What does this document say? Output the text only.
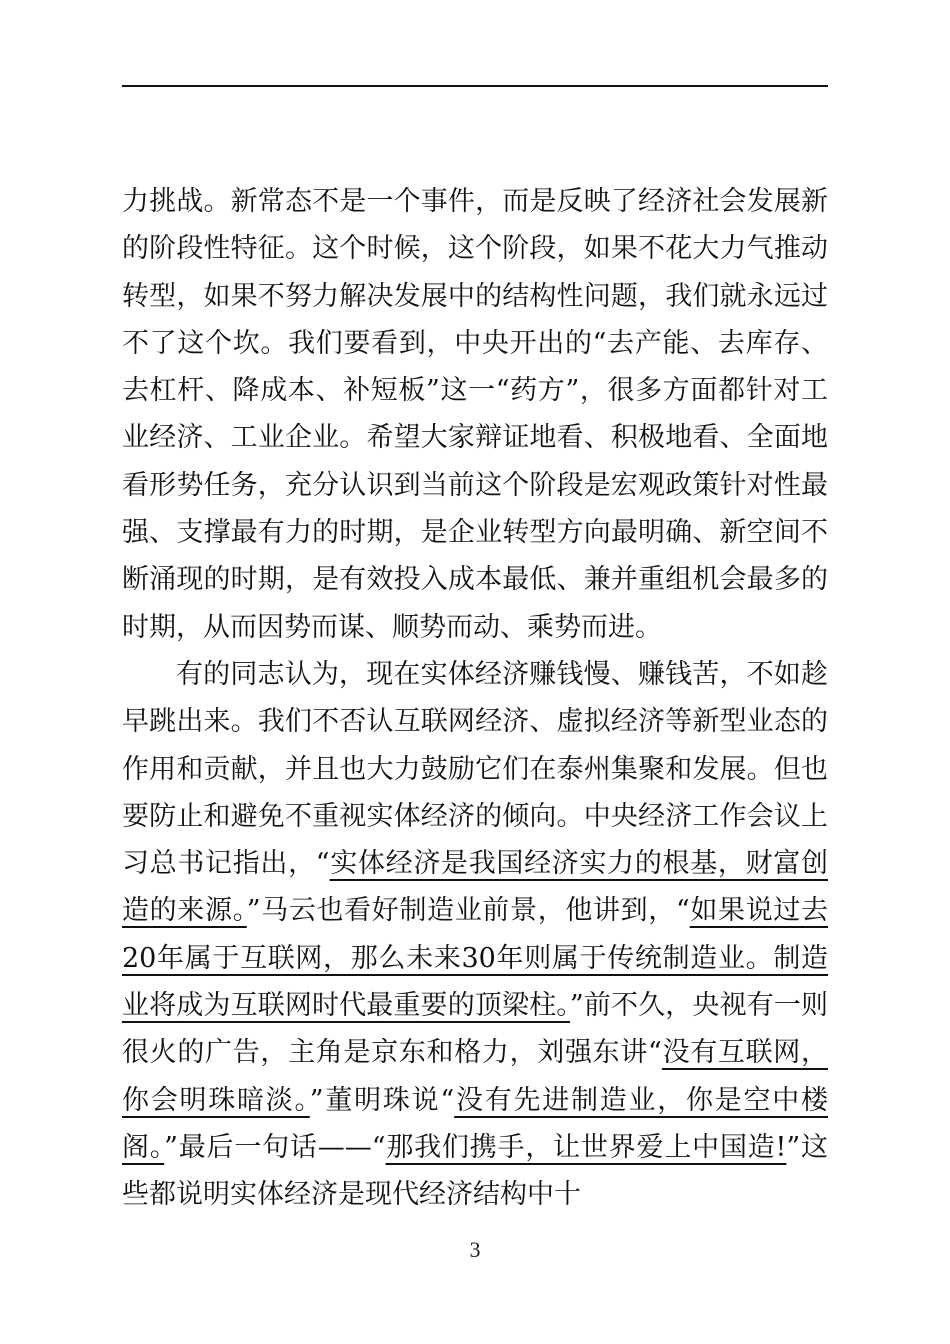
力挑战。新常态不是一个事件，而是反映了经济社会发展新的阶段性特征。这个时候，这个阶段，如果不花大力气推动转型，如果不努力解决发展中的结构性问题，我们就永远过不了这个坎。我们要看到，中央开出的“去产能、去库存、去杠杆、降成本、补短板”这一“药方”，很多方面都针对工业经济、工业企业。希望大家辩证地看、积极地看、全面地看形势任务，充分认识到当前这个阶段是宏观政策针对性最强、支撑最有力的时期，是企业转型方向最明确、新空间不断涌现的时期，是有效投入成本最低、兼并重组机会最多的时期，从而因势而谋、顺势而动、乘势而进。

有的同志认为，现在实体经济赚钱慢、赚钱苦，不如趁早跳出来。我们不否认互联网经济、虚拟经济等新型业态的作用和贡献，并且也大力鼓励它们在泰州集聚和发展。但也要防止和避免不重视实体经济的倾向。中央经济工作会议上习总书记指出，“实体经济是我国经济实力的根基，财富创造的来源。”马云也看好制造业前景，他讲到，“如果说过去20年属于互联网，那么未来30年则属于传统制造业。制造业将成为互联网时代最重要的顶梁柱。”前不久，央视有一则很火的广告，主角是京东和格力，刘强东讲“没有互联网，你会明珠暗淡。”董明珠说“没有先进制造业，你是空中楼阁。”最后一句话——“那我们携手，让世界爱上中国造!”这些都说明实体经济是现代经济结构中十

3
